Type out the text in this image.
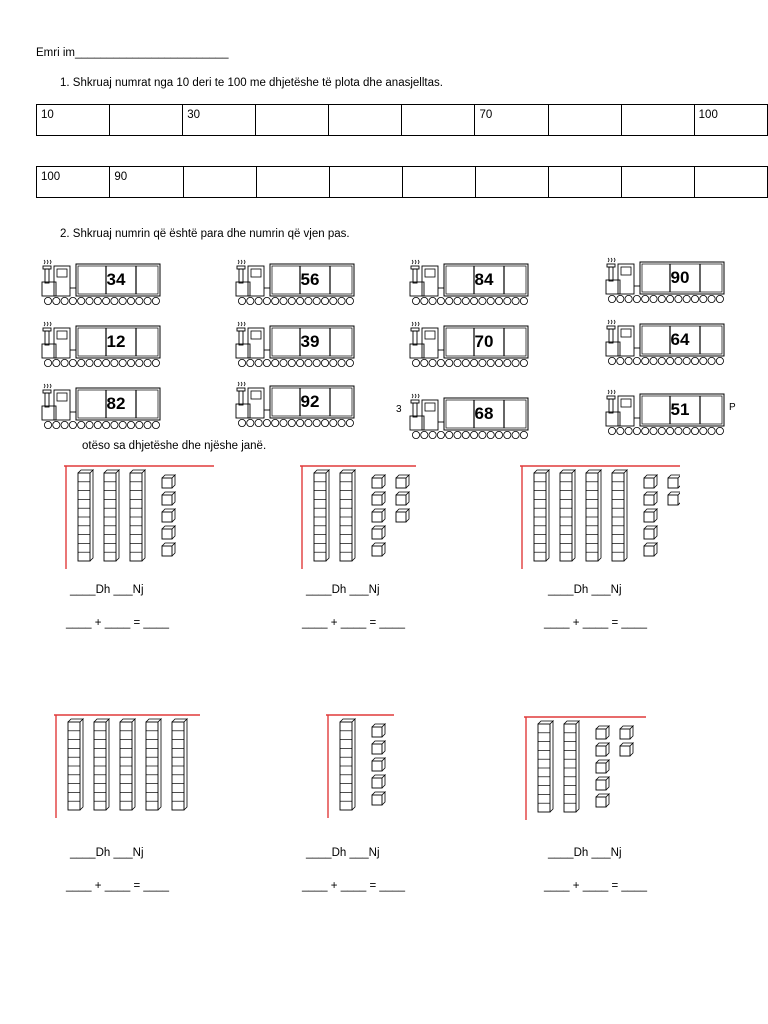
Emri im________________________
1. Shkruaj numrat nga 10 deri te 100 me dhjetëshe të plota dhe anasjelltas.
10		30				70			100
100	90								
2. Shkruaj numrin që është para dhe numrin që vjen pas.
34	56	84	90
12	39	70	64
82	92
68	51
3	P
otëso sa dhjetëshe dhe njëshe janë.
____Dh ___Nj
____ + ____ = ____
____Dh ___Nj
____ + ____ = ____
____Dh ___Nj
____ + ____ = ____
____Dh ___Nj
____ + ____ = ____
____Dh ___Nj
____ + ____ = ____
____Dh ___Nj
____ + ____ = ____
